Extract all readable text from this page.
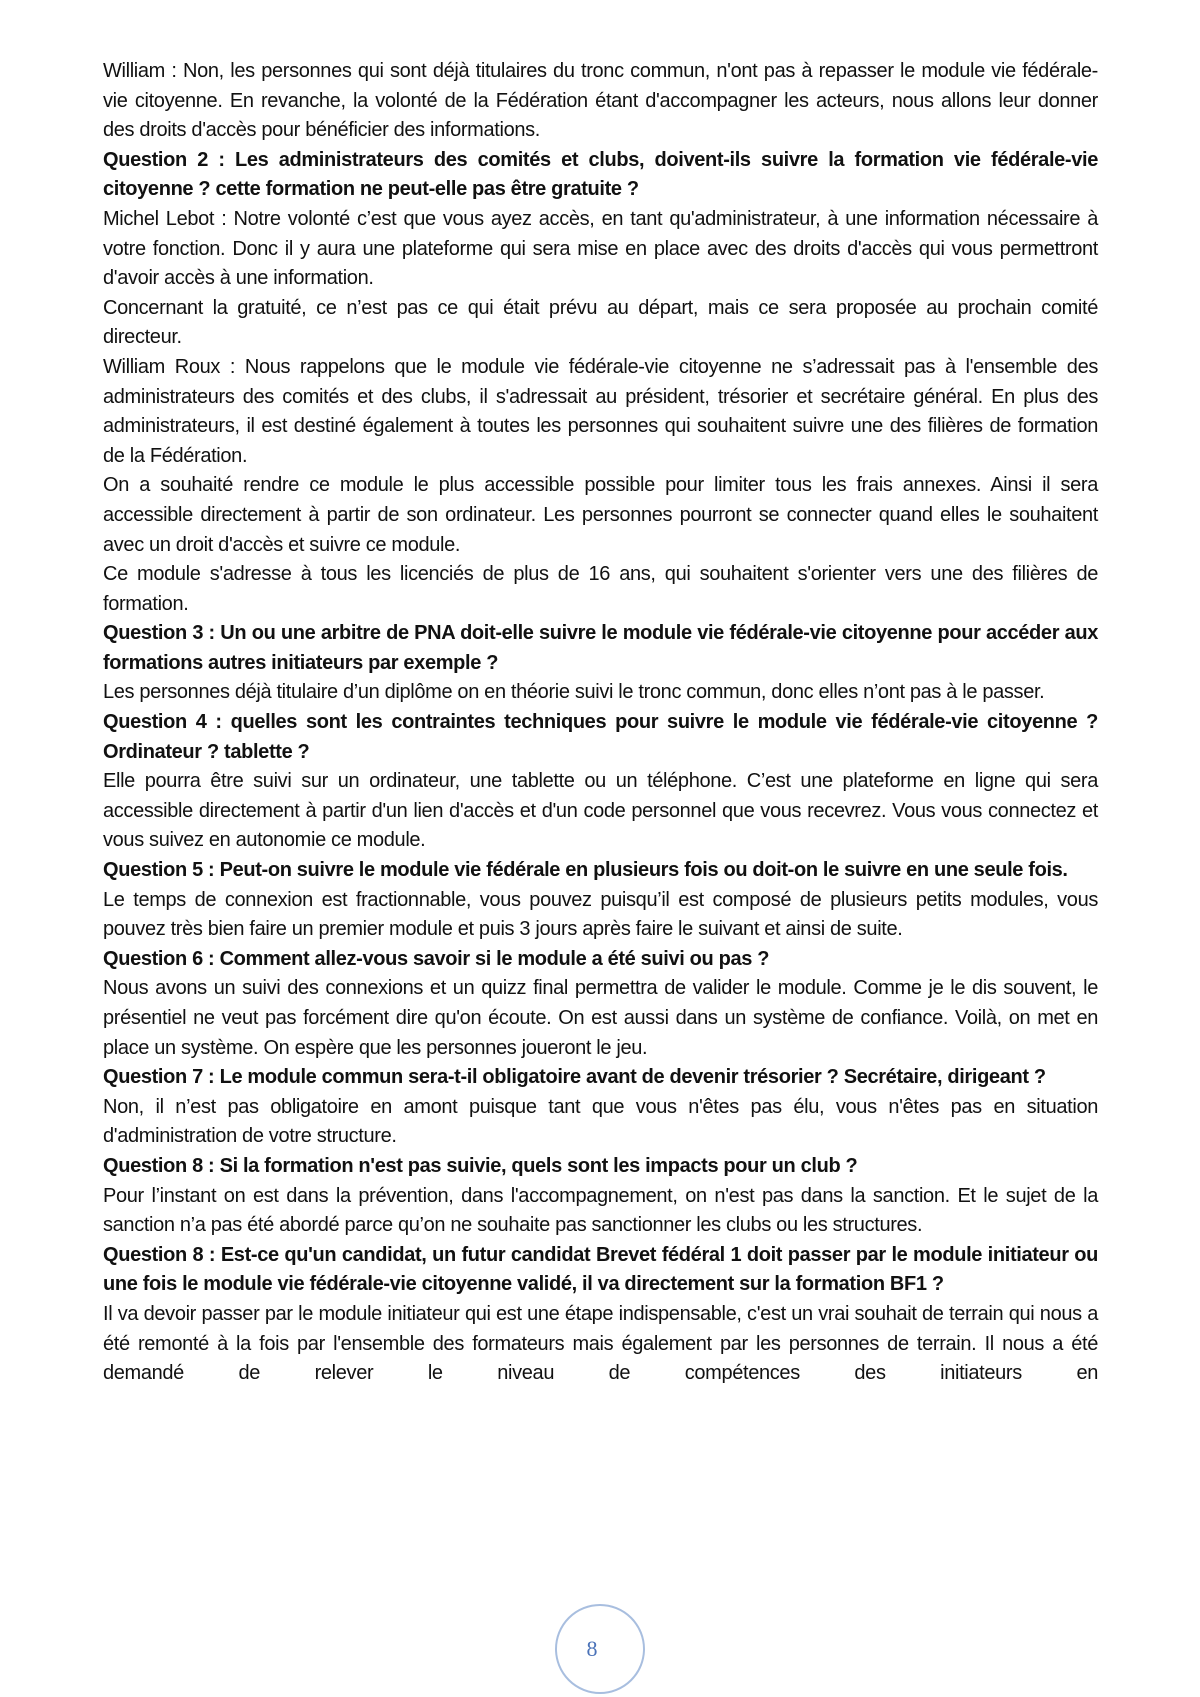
William : Non, les personnes qui sont déjà titulaires du tronc commun, n'ont pas à repasser le module vie fédérale- vie citoyenne. En revanche, la volonté de la Fédération étant d'accompagner les acteurs, nous allons leur donner des droits d'accès pour bénéficier des informations.

Question 2 : Les administrateurs des comités et clubs, doivent-ils suivre la formation vie fédérale-vie citoyenne ? cette formation ne peut-elle pas être gratuite ?

Michel Lebot : Notre volonté c’est que vous ayez accès, en tant qu'administrateur, à une information nécessaire à votre fonction. Donc il y aura une plateforme qui sera mise en place avec des droits d'accès qui vous permettront d'avoir accès à une information.

Concernant la gratuité, ce n’est pas ce qui était prévu au départ, mais ce sera proposée au prochain comité directeur.

William Roux : Nous rappelons que le module vie fédérale-vie citoyenne ne s’adressait pas à l'ensemble des administrateurs des comités et des clubs, il s'adressait au président, trésorier et secrétaire général. En plus des administrateurs, il est destiné également à toutes les personnes qui souhaitent suivre une des filières de formation de la Fédération.

On a souhaité rendre ce module le plus accessible possible pour limiter tous les frais annexes. Ainsi il sera accessible directement à partir de son ordinateur. Les personnes pourront se connecter quand elles le souhaitent avec un droit d'accès et suivre ce module.

Ce module s'adresse à tous les licenciés de plus de 16 ans, qui souhaitent s'orienter vers une des filières de formation.

Question 3 : Un ou une arbitre de PNA doit-elle suivre le module vie fédérale-vie citoyenne pour accéder aux formations autres initiateurs par exemple ?

Les personnes déjà titulaire d’un diplôme on en théorie suivi le tronc commun, donc elles n’ont pas à le passer.

Question 4 : quelles sont les contraintes techniques pour suivre le module vie fédérale-vie citoyenne ? Ordinateur ? tablette ?

Elle pourra être suivi sur un ordinateur, une tablette ou un téléphone. C’est une plateforme en ligne qui sera accessible directement à partir d'un lien d'accès et d'un code personnel que vous recevrez. Vous vous connectez et vous suivez en autonomie ce module.

Question 5 : Peut-on suivre le module vie fédérale en plusieurs fois ou doit-on le suivre en une seule fois.

Le temps de connexion est fractionnable, vous pouvez puisqu’il est composé de plusieurs petits modules, vous pouvez très bien faire un premier module et puis 3 jours après faire le suivant et ainsi de suite.

Question 6 : Comment allez-vous savoir si le module a été suivi ou pas ?

Nous avons un suivi des connexions et un quizz final permettra de valider le module. Comme je le dis souvent, le présentiel ne veut pas forcément dire qu'on écoute. On est aussi dans un système de confiance. Voilà, on met en place un système. On espère que les personnes joueront le jeu.

Question 7 : Le module commun sera-t-il obligatoire avant de devenir trésorier ? Secrétaire, dirigeant ?

Non, il n’est pas obligatoire en amont puisque tant que vous n'êtes pas élu, vous n'êtes pas en situation d'administration de votre structure.

Question 8 : Si la formation n'est pas suivie, quels sont les impacts pour un club ?

Pour l’instant on est dans la prévention, dans l'accompagnement, on n'est pas dans la sanction. Et le sujet de la sanction n’a pas été abordé parce qu’on ne souhaite pas sanctionner les clubs ou les structures.

Question 8 : Est-ce qu'un candidat, un futur candidat Brevet fédéral 1 doit passer par le module initiateur ou une fois le module vie fédérale-vie citoyenne validé, il va directement sur la formation BF1 ?

Il va devoir passer par le module initiateur qui est une étape indispensable, c'est un vrai souhait de terrain qui nous a été remonté à la fois par l'ensemble des formateurs mais également par les personnes de terrain. Il nous a été demandé de relever le niveau de compétences des initiateurs en

8
